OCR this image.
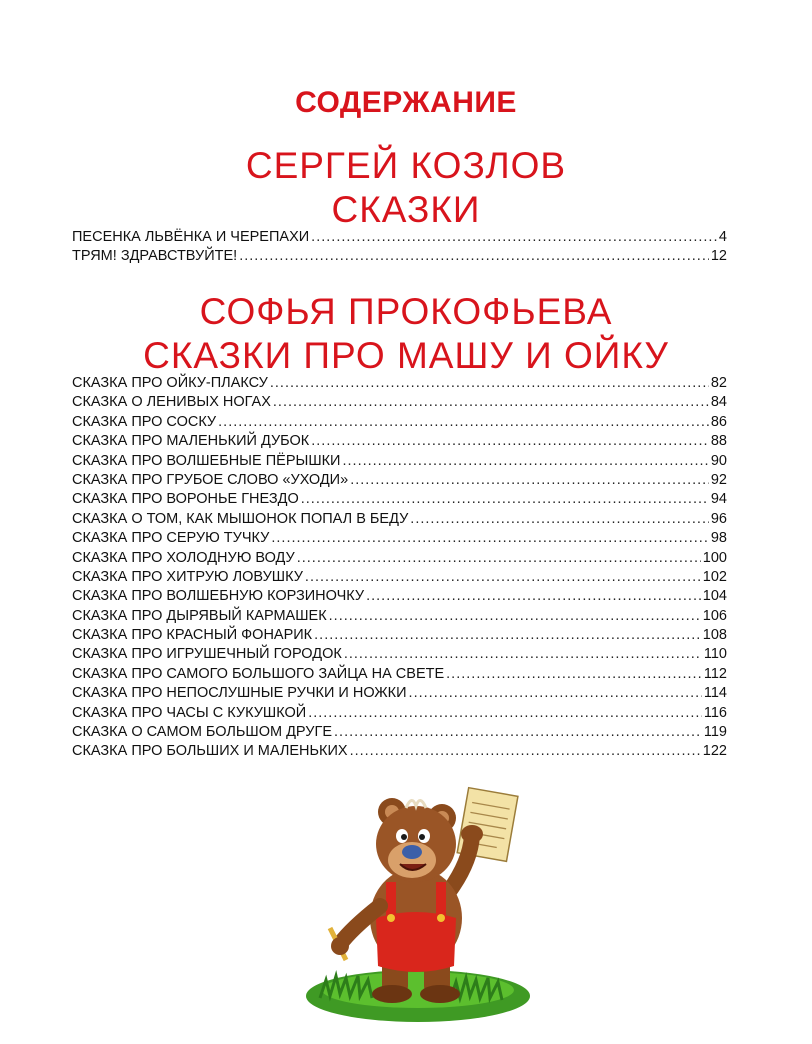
СОДЕРЖАНИЕ
СЕРГЕЙ КОЗЛОВ
СКАЗКИ
ПЕСЕНКА ЛЬВЁНКА И ЧЕРЕПАХИ .....	4
ТРЯМ! ЗДРАВСТВУЙТЕ! .....	12
СОФЬЯ ПРОКОФЬЕВА
СКАЗКИ ПРО МАШУ И ОЙКУ
СКАЗКА ПРО ОЙКУ-ПЛАКСУ .....	82
СКАЗКА О ЛЕНИВЫХ НОГАХ .....	84
СКАЗКА ПРО СОСКУ .....	86
СКАЗКА ПРО МАЛЕНЬКИЙ ДУБОК .....	88
СКАЗКА ПРО ВОЛШЕБНЫЕ ПЁРЫШКИ .....	90
СКАЗКА ПРО ГРУБОЕ СЛОВО «УХОДИ» .....	92
СКАЗКА ПРО ВОРОНЬЕ ГНЕЗДО .....	94
СКАЗКА О ТОМ, КАК МЫШОНОК ПОПАЛ В БЕДУ .....	96
СКАЗКА ПРО СЕРУЮ ТУЧКУ .....	98
СКАЗКА ПРО ХОЛОДНУЮ ВОДУ .....	100
СКАЗКА ПРО ХИТРУЮ ЛОВУШКУ .....	102
СКАЗКА ПРО ВОЛШЕБНУЮ КОРЗИНОЧКУ .....	104
СКАЗКА ПРО ДЫРЯВЫЙ КАРМАШЕК .....	106
СКАЗКА ПРО КРАСНЫЙ ФОНАРИК .....	108
СКАЗКА ПРО ИГРУШЕЧНЫЙ ГОРОДОК .....	110
СКАЗКА ПРО САМОГО БОЛЬШОГО ЗАЙЦА НА СВЕТЕ .....	112
СКАЗКА ПРО НЕПОСЛУШНЫЕ РУЧКИ И НОЖКИ .....	114
СКАЗКА ПРО ЧАСЫ С КУКУШКОЙ .....	116
СКАЗКА О САМОМ БОЛЬШОМ ДРУГЕ .....	119
СКАЗКА ПРО БОЛЬШИХ И МАЛЕНЬКИХ .....	122
